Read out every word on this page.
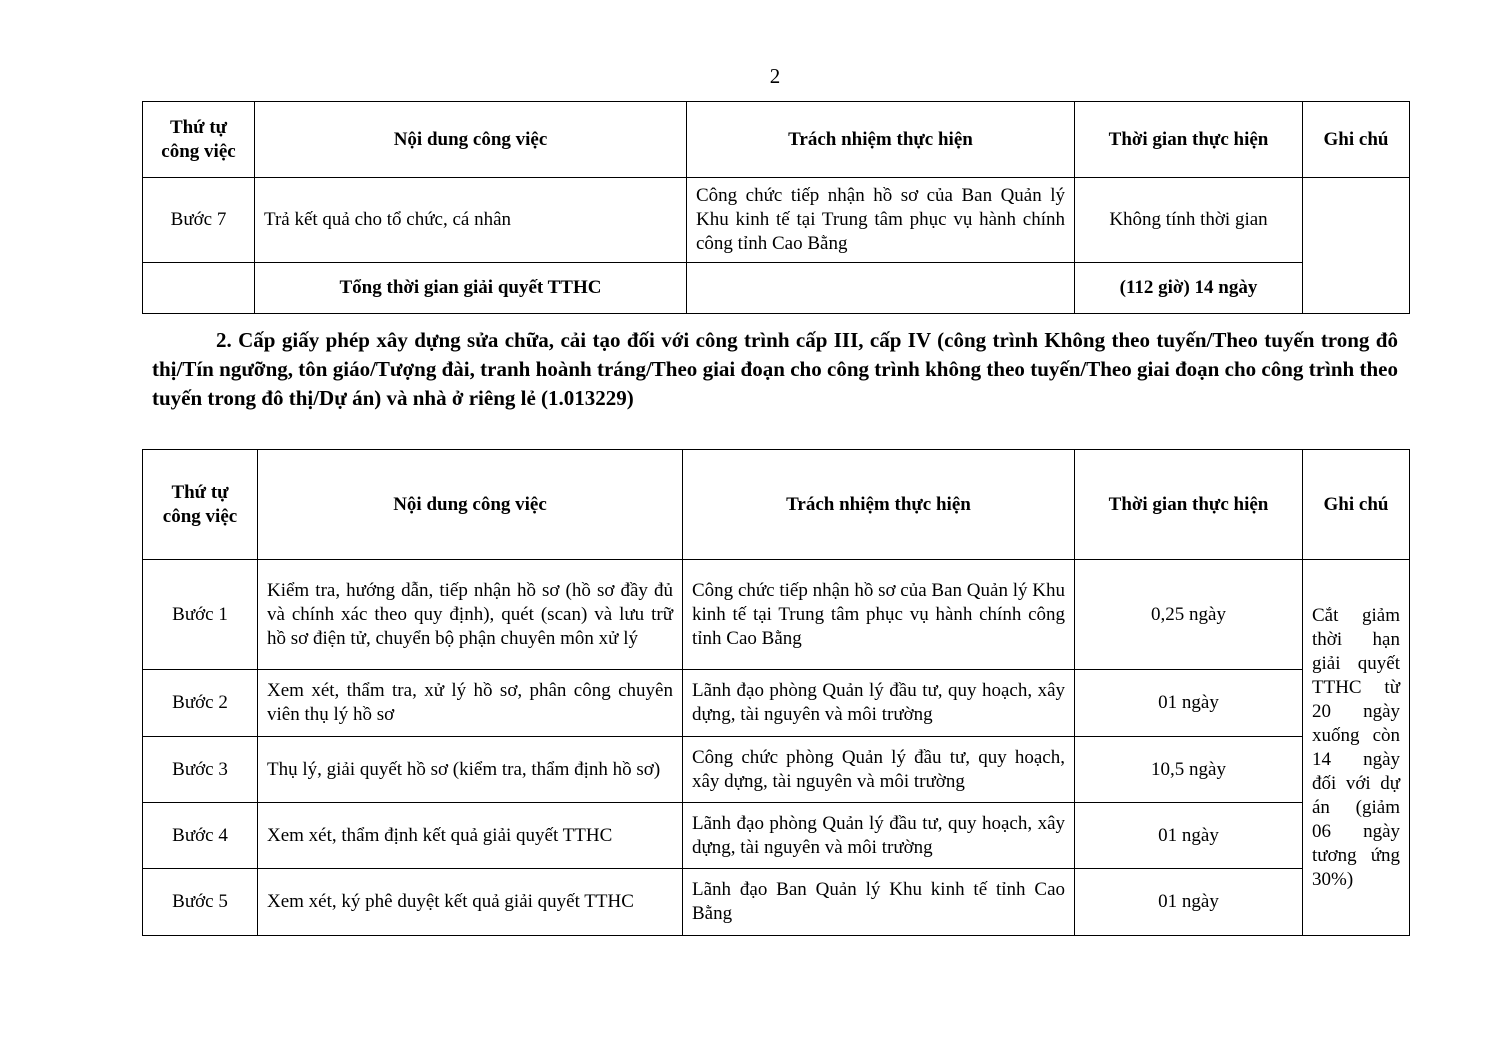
2
Thứ tự công việc	Nội dung công việc	Trách nhiệm thực hiện	Thời gian thực hiện	Ghi chú
Bước 7	Trả kết quả cho tổ chức, cá nhân	Công chức tiếp nhận hồ sơ của Ban Quản lý Khu kinh tế tại Trung tâm phục vụ hành chính công tỉnh Cao Bằng	Không tính thời gian	
	Tổng thời gian giải quyết TTHC		(112 giờ) 14 ngày	
2. Cấp giấy phép xây dựng sửa chữa, cải tạo đối với công trình cấp III, cấp IV (công trình Không theo tuyến/Theo tuyến trong đô thị/Tín ngưỡng, tôn giáo/Tượng đài, tranh hoành tráng/Theo giai đoạn cho công trình không theo tuyến/Theo giai đoạn cho công trình theo tuyến trong đô thị/Dự án) và nhà ở riêng lẻ (1.013229)
Thứ tự công việc	Nội dung công việc	Trách nhiệm thực hiện	Thời gian thực hiện	Ghi chú
Bước 1	Kiểm tra, hướng dẫn, tiếp nhận hồ sơ (hồ sơ đầy đủ và chính xác theo quy định), quét (scan) và lưu trữ hồ sơ điện tử, chuyển bộ phận chuyên môn xử lý	Công chức tiếp nhận hồ sơ của Ban Quản lý Khu kinh tế tại Trung tâm phục vụ hành chính công tỉnh Cao Bằng	0,25 ngày	Cắt giảm thời hạn giải quyết TTHC từ 20 ngày xuống còn 14 ngày đối với dự án (giảm 06 ngày tương ứng 30%)
Bước 2	Xem xét, thẩm tra, xử lý hồ sơ, phân công chuyên viên thụ lý hồ sơ	Lãnh đạo phòng Quản lý đầu tư, quy hoạch, xây dựng, tài nguyên và môi trường	01 ngày	
Bước 3	Thụ lý, giải quyết hồ sơ (kiểm tra, thẩm định hồ sơ)	Công chức phòng Quản lý đầu tư, quy hoạch, xây dựng, tài nguyên và môi trường	10,5 ngày	
Bước 4	Xem xét, thẩm định kết quả giải quyết TTHC	Lãnh đạo phòng Quản lý đầu tư, quy hoạch, xây dựng, tài nguyên và môi trường	01 ngày	
Bước 5	Xem xét, ký phê duyệt kết quả giải quyết TTHC	Lãnh đạo Ban Quản lý Khu kinh tế tỉnh Cao Bằng	01 ngày	
